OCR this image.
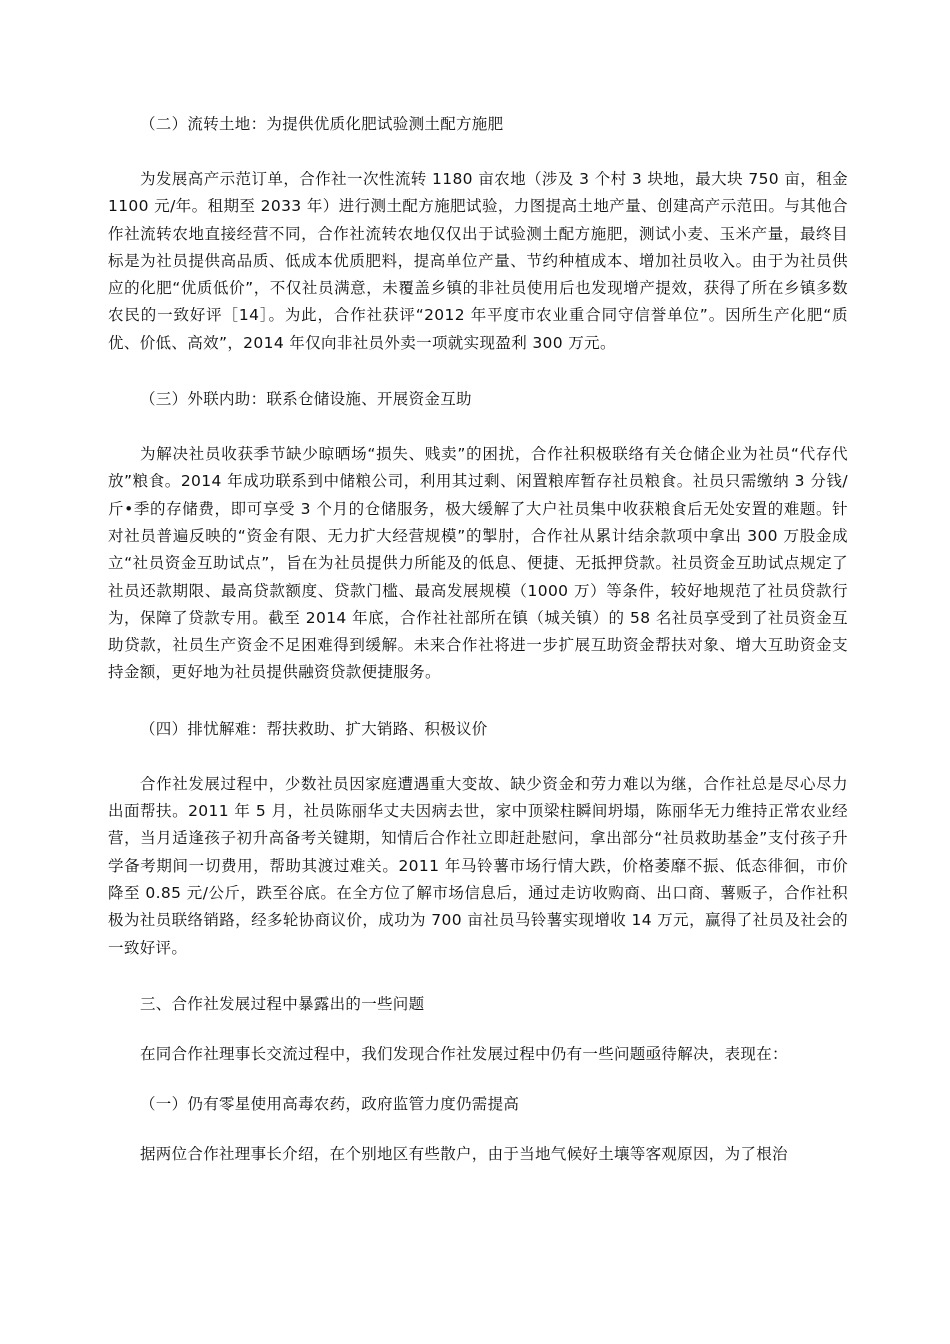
（二）流转土地：为提供优质化肥试验测土配方施肥

为发展高产示范订单，合作社一次性流转 1180 亩农地（涉及 3 个村 3 块地，最大块 750 亩，租金 1100 元/年。租期至 2033 年）进行测土配方施肥试验，力图提高土地产量、创建高产示范田。与其他合作社流转农地直接经营不同，合作社流转农地仅仅出于试验测土配方施肥，测试小麦、玉米产量，最终目标是为社员提供高品质、低成本优质肥料，提高单位产量、节约种植成本、增加社员收入。由于为社员供应的化肥“优质低价”，不仅社员满意，未覆盖乡镇的非社员使用后也发现增产提效，获得了所在乡镇多数农民的一致好评［14］。为此，合作社获评“2012 年平度市农业重合同守信誉单位”。因所生产化肥“质优、价低、高效”，2014 年仅向非社员外卖一项就实现盈利 300 万元。

（三）外联内助：联系仓储设施、开展资金互助

为解决社员收获季节缺少晾晒场“损失、贱卖”的困扰，合作社积极联络有关仓储企业为社员“代存代放”粮食。2014 年成功联系到中储粮公司，利用其过剩、闲置粮库暂存社员粮食。社员只需缴纳 3 分钱/斤•季的存储费，即可享受 3 个月的仓储服务，极大缓解了大户社员集中收获粮食后无处安置的难题。针对社员普遍反映的“资金有限、无力扩大经营规模”的掣肘，合作社从累计结余款项中拿出 300 万股金成立“社员资金互助试点”，旨在为社员提供力所能及的低息、便捷、无抵押贷款。社员资金互助试点规定了社员还款期限、最高贷款额度、贷款门槛、最高发展规模（1000 万）等条件，较好地规范了社员贷款行为，保障了贷款专用。截至 2014 年底，合作社社部所在镇（城关镇）的 58 名社员享受到了社员资金互助贷款，社员生产资金不足困难得到缓解。未来合作社将进一步扩展互助资金帮扶对象、增大互助资金支持金额，更好地为社员提供融资贷款便捷服务。

（四）排忧解难：帮扶救助、扩大销路、积极议价

合作社发展过程中，少数社员因家庭遭遇重大变故、缺少资金和劳力难以为继，合作社总是尽心尽力出面帮扶。2011 年 5 月，社员陈丽华丈夫因病去世，家中顶梁柱瞬间坍塌，陈丽华无力维持正常农业经营，当月适逢孩子初升高备考关键期，知情后合作社立即赶赴慰问，拿出部分“社员救助基金”支付孩子升学备考期间一切费用，帮助其渡过难关。2011 年马铃薯市场行情大跌，价格萎靡不振、低态徘徊，市价降至 0.85 元/公斤，跌至谷底。在全方位了解市场信息后，通过走访收购商、出口商、薯贩子，合作社积极为社员联络销路，经多轮协商议价，成功为 700 亩社员马铃薯实现增收 14 万元，赢得了社员及社会的一致好评。

三、合作社发展过程中暴露出的一些问题

在同合作社理事长交流过程中，我们发现合作社发展过程中仍有一些问题亟待解决，表现在：

（一）仍有零星使用高毒农药，政府监管力度仍需提高

据两位合作社理事长介绍，在个别地区有些散户，由于当地气候好土壤等客观原因，为了根治
